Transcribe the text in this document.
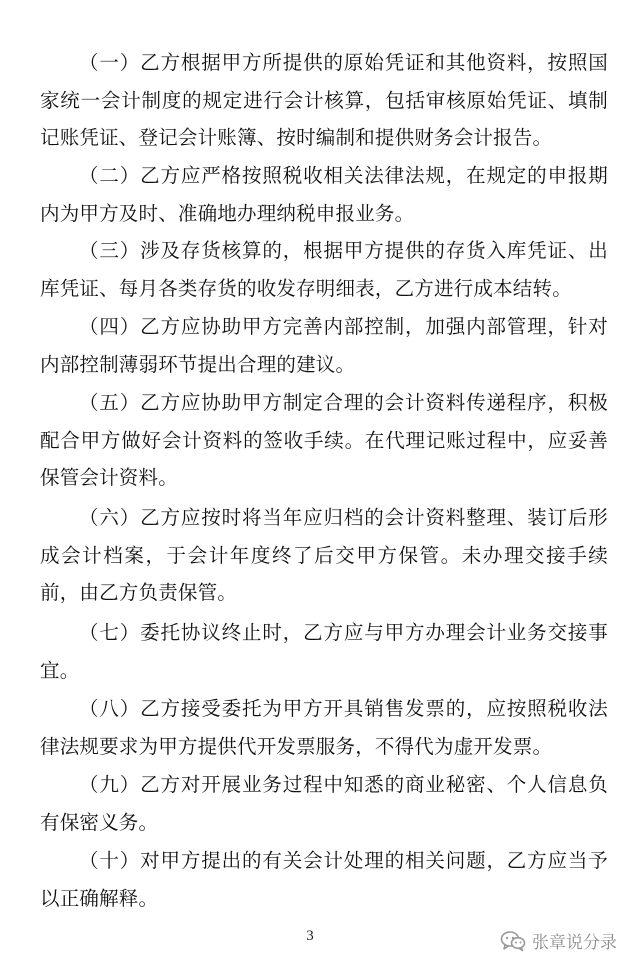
（一）乙方根据甲方所提供的原始凭证和其他资料，按照国家统一会计制度的规定进行会计核算，包括审核原始凭证、填制记账凭证、登记会计账簿、按时编制和提供财务会计报告。

（二）乙方应严格按照税收相关法律法规，在规定的申报期内为甲方及时、准确地办理纳税申报业务。

（三）涉及存货核算的，根据甲方提供的存货入库凭证、出库凭证、每月各类存货的收发存明细表，乙方进行成本结转。

（四）乙方应协助甲方完善内部控制，加强内部管理，针对内部控制薄弱环节提出合理的建议。

（五）乙方应协助甲方制定合理的会计资料传递程序，积极配合甲方做好会计资料的签收手续。在代理记账过程中，应妥善保管会计资料。

（六）乙方应按时将当年应归档的会计资料整理、装订后形成会计档案，于会计年度终了后交甲方保管。未办理交接手续前，由乙方负责保管。

（七）委托协议终止时，乙方应与甲方办理会计业务交接事宜。

（八）乙方接受委托为甲方开具销售发票的，应按照税收法律法规要求为甲方提供代开发票服务，不得代为虚开发票。

（九）乙方对开展业务过程中知悉的商业秘密、个人信息负有保密义务。

（十）对甲方提出的有关会计处理的相关问题，乙方应当予以正确解释。

3	张章说分录
